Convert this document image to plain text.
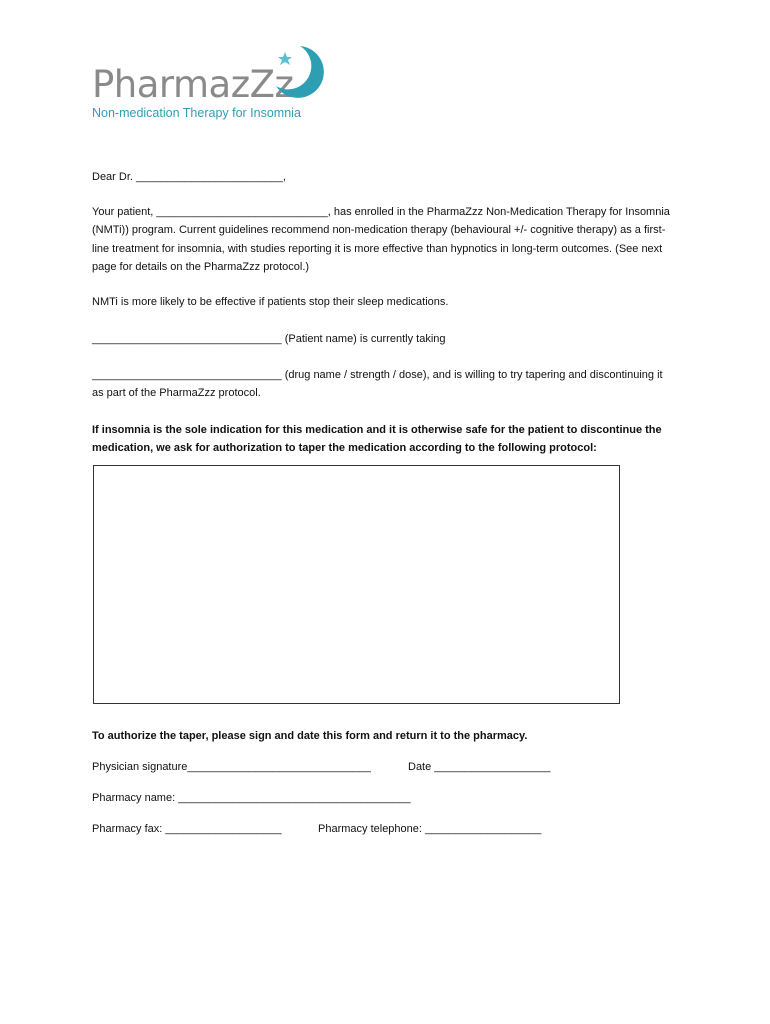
PharmazZz
Non-medication Therapy for Insomnia
Dear Dr. ________________________,
Your patient, ____________________________, has enrolled in the PharmaZzz Non-Medication Therapy for Insomnia (NMTi)) program. Current guidelines recommend non-medication therapy (behavioural +/- cognitive therapy) as a first-line treatment for insomnia, with studies reporting it is more effective than hypnotics in long-term outcomes. (See next page for details on the PharmaZzz protocol.)
NMTi is more likely to be effective if patients stop their sleep medications.
_______________________________ (Patient name) is currently taking
_______________________________ (drug name / strength / dose), and is willing to try tapering and discontinuing it as part of the PharmaZzz protocol.
If insomnia is the sole indication for this medication and it is otherwise safe for the patient to discontinue the medication, we ask for authorization to taper the medication according to the following protocol:
To authorize the taper, please sign and date this form and return it to the pharmacy.
Physician signature______________________________	Date ___________________
Pharmacy name: ______________________________________
Pharmacy fax: ___________________	Pharmacy telephone: ___________________
